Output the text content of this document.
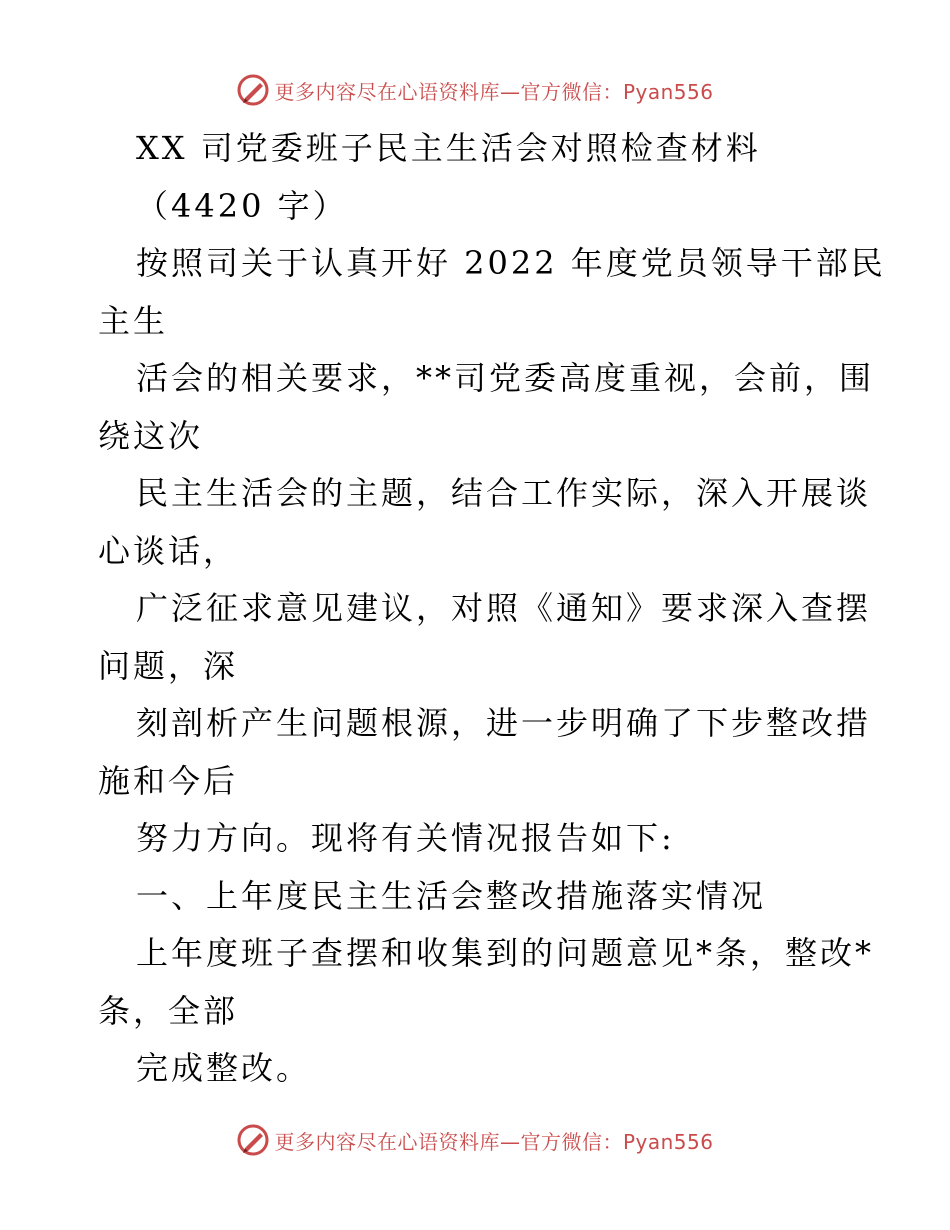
更多内容尽在心语资料库—官方微信：Pyan556
XX 司党委班子民主生活会对照检查材料
（4420 字）
按照司关于认真开好 2022 年度党员领导干部民
主生
活会的相关要求，**司党委高度重视，会前，围
绕这次
民主生活会的主题，结合工作实际，深入开展谈
心谈话，
广泛征求意见建议，对照《通知》要求深入查摆
问题，深
刻剖析产生问题根源，进一步明确了下步整改措
施和今后
努力方向。现将有关情况报告如下:
一、上年度民主生活会整改措施落实情况
上年度班子查摆和收集到的问题意见*条，整改*
条，全部
完成整改。
更多内容尽在心语资料库—官方微信：Pyan556
